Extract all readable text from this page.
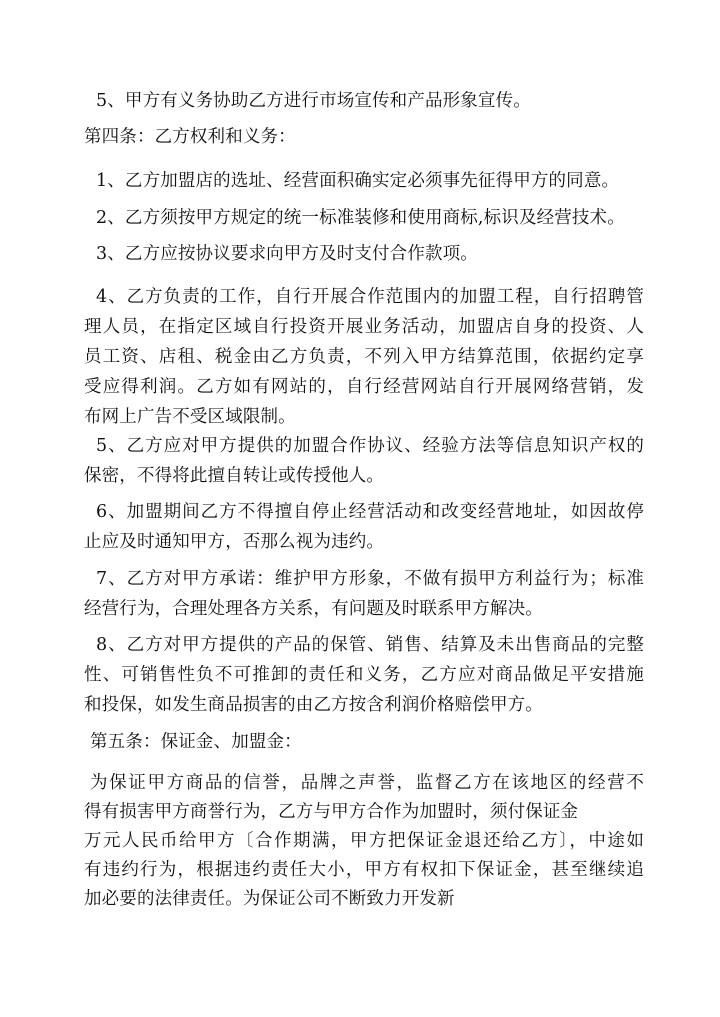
5、甲方有义务协助乙方进行市场宣传和产品形象宣传。
第四条：乙方权利和义务：
1、乙方加盟店的选址、经营面积确实定必须事先征得甲方的同意。
2、乙方须按甲方规定的统一标准装修和使用商标,标识及经营技术。
3、乙方应按协议要求向甲方及时支付合作款项。
4、乙方负责的工作，自行开展合作范围内的加盟工程，自行招聘管
理人员，在指定区域自行投资开展业务活动，加盟店自身的投资、人
员工资、店租、税金由乙方负责，不列入甲方结算范围，依据约定享
受应得利润。乙方如有网站的，自行经营网站自行开展网络营销，发
布网上广告不受区域限制。
5、乙方应对甲方提供的加盟合作协议、经验方法等信息知识产权的
保密，不得将此擅自转让或传授他人。
6、加盟期间乙方不得擅自停止经营活动和改变经营地址，如因故停
止应及时通知甲方，否那么视为违约。
7、乙方对甲方承诺：维护甲方形象，不做有损甲方利益行为；标准
经营行为，合理处理各方关系，有问题及时联系甲方解决。
8、乙方对甲方提供的产品的保管、销售、结算及未出售商品的完整
性、可销售性负不可推卸的责任和义务，乙方应对商品做足平安措施
和投保，如发生商品损害的由乙方按含利润价格赔偿甲方。
第五条：保证金、加盟金：
为保证甲方商品的信誉，品牌之声誉，监督乙方在该地区的经营不
得有损害甲方商誉行为，乙方与甲方合作为加盟时，须付保证金
万元人民币给甲方〔合作期满，甲方把保证金退还给乙方〕，中途如
有违约行为，根据违约责任大小，甲方有权扣下保证金，甚至继续追
加必要的法律责任。为保证公司不断致力开发新
